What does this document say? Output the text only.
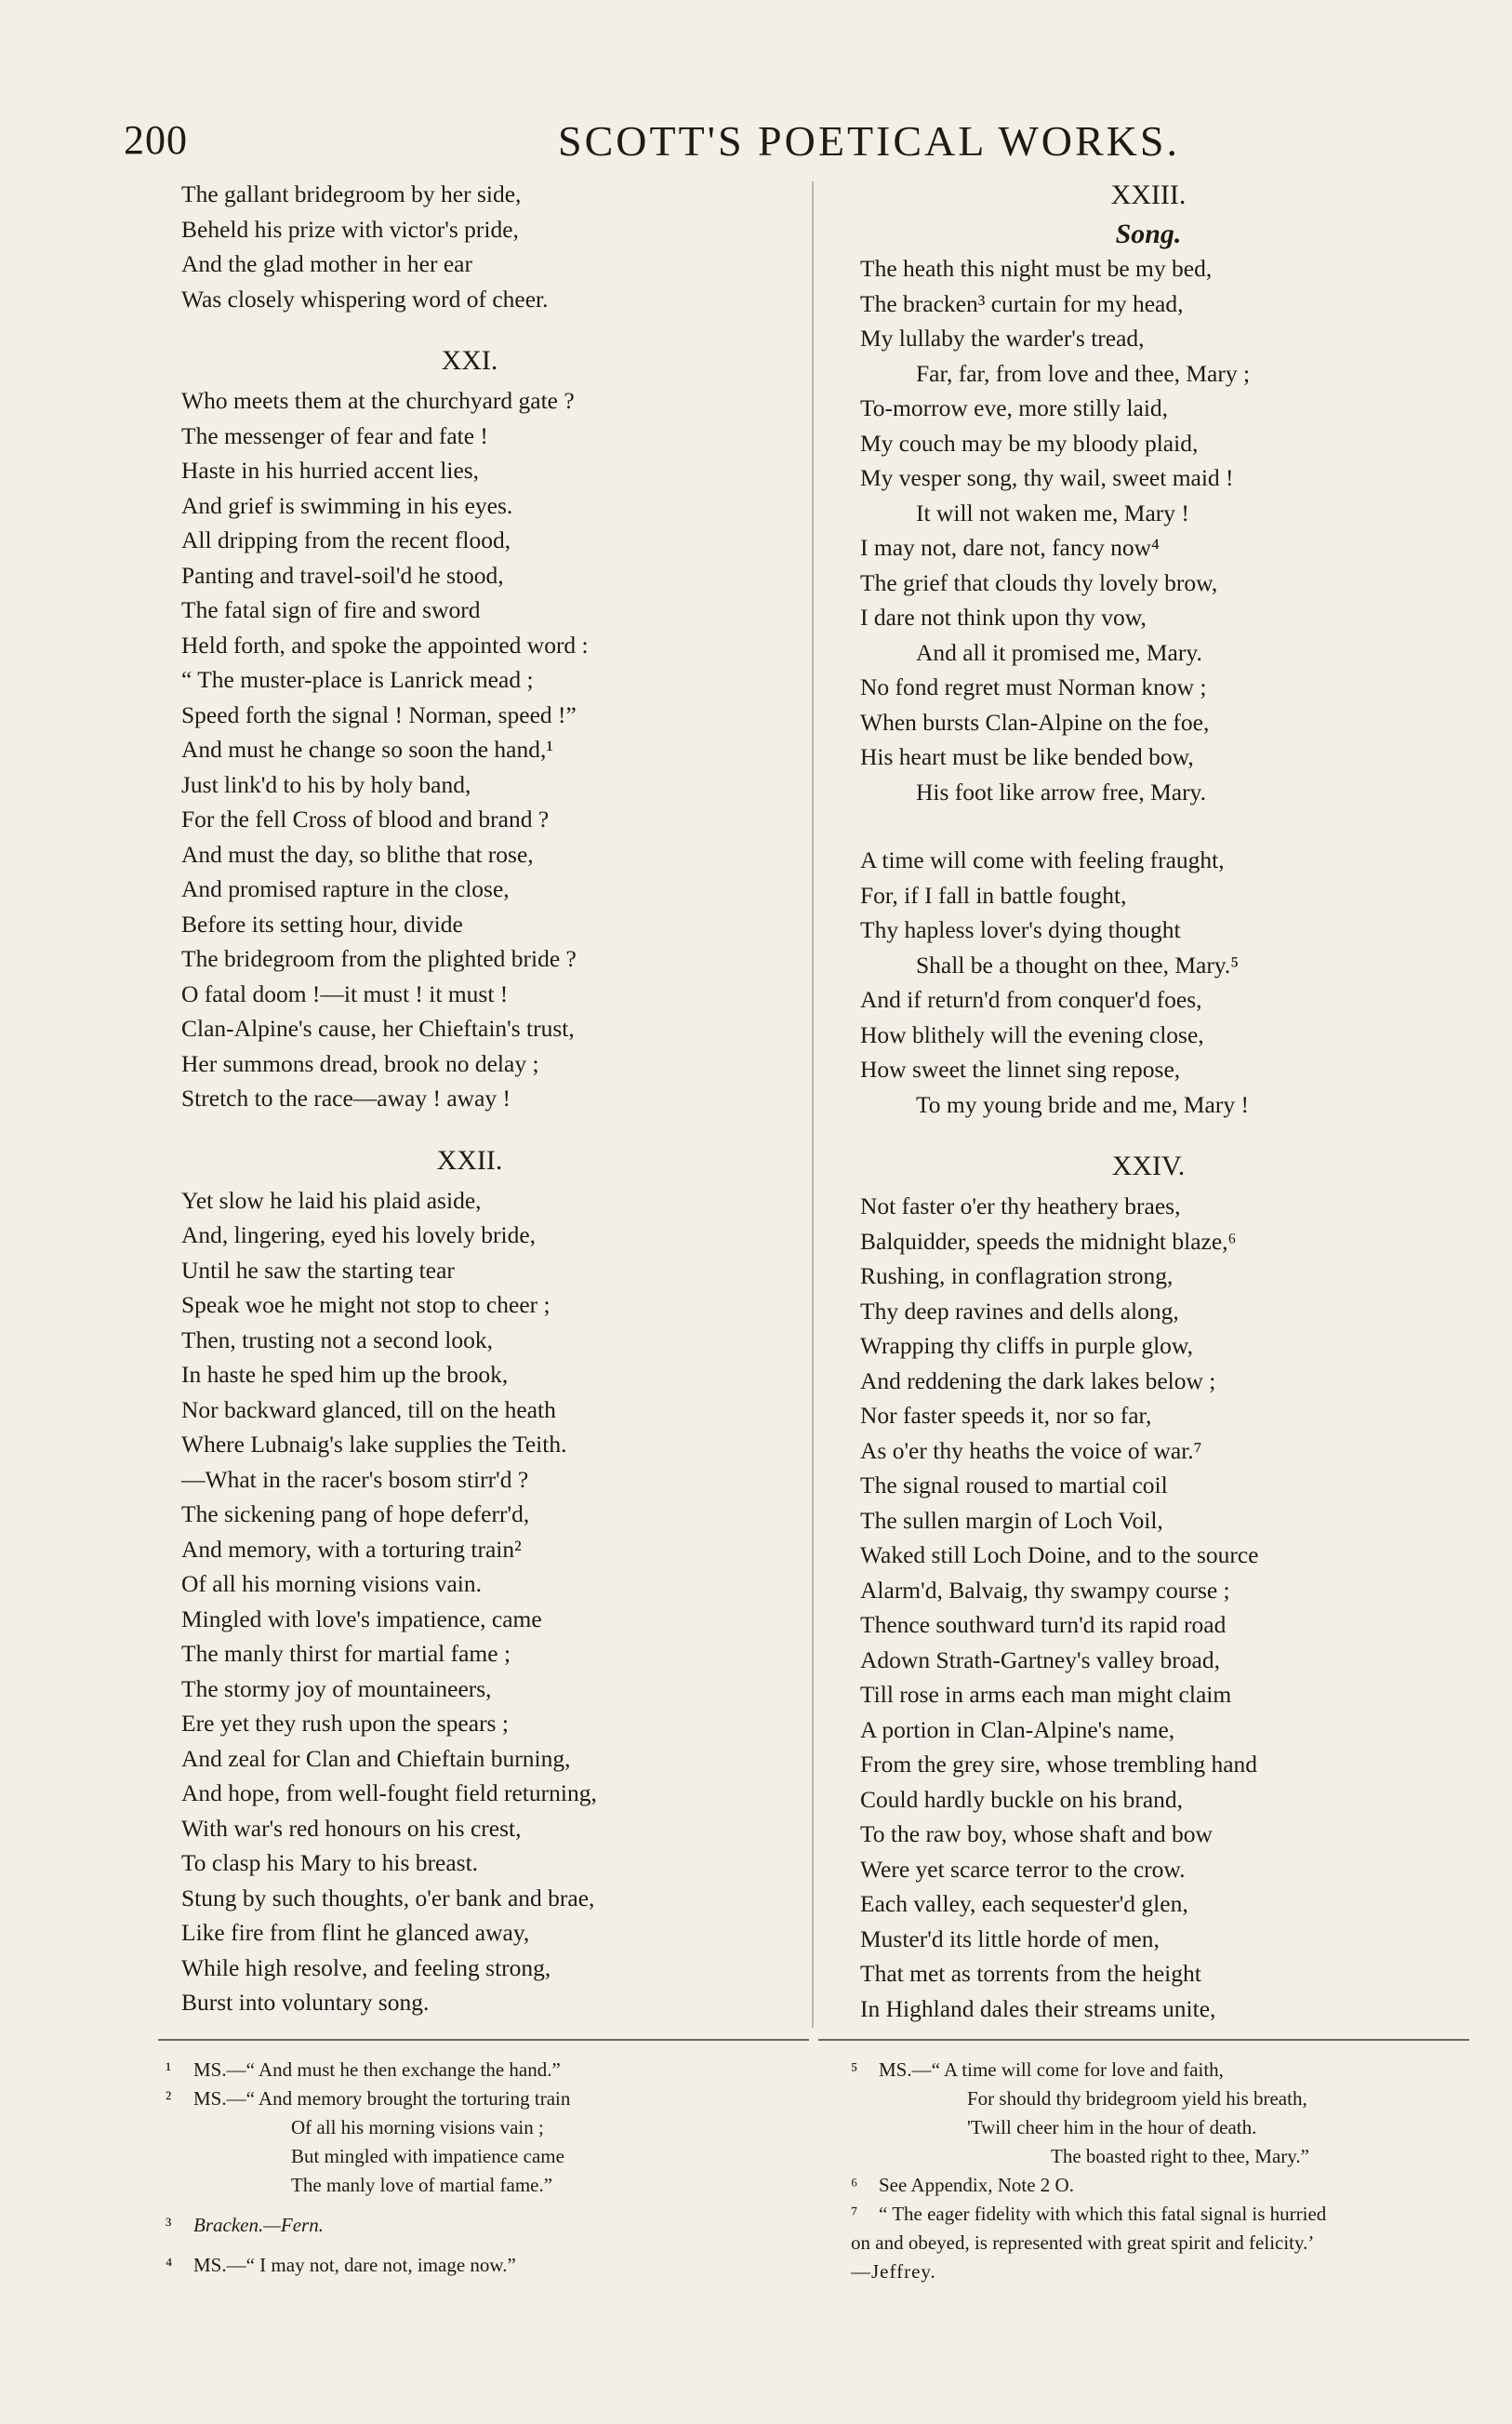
200	SCOTT'S POETICAL WORKS.
The gallant bridegroom by her side,
Beheld his prize with victor's pride,
And the glad mother in her ear
Was closely whispering word of cheer.
XXI.
Who meets them at the churchyard gate ?
The messenger of fear and fate !
Haste in his hurried accent lies,
And grief is swimming in his eyes.
All dripping from the recent flood,
Panting and travel-soil'd he stood,
The fatal sign of fire and sword
Held forth, and spoke the appointed word :
“ The muster-place is Lanrick mead ;
Speed forth the signal ! Norman, speed !”
And must he change so soon the hand,¹
Just link'd to his by holy band,
For the fell Cross of blood and brand ?
And must the day, so blithe that rose,
And promised rapture in the close,
Before its setting hour, divide
The bridegroom from the plighted bride ?
O fatal doom !—it must ! it must !
Clan-Alpine's cause, her Chieftain's trust,
Her summons dread, brook no delay ;
Stretch to the race—away ! away !
XXII.
Yet slow he laid his plaid aside,
And, lingering, eyed his lovely bride,
Until he saw the starting tear
Speak woe he might not stop to cheer ;
Then, trusting not a second look,
In haste he sped him up the brook,
Nor backward glanced, till on the heath
Where Lubnaig's lake supplies the Teith.
—What in the racer's bosom stirr'd ?
The sickening pang of hope deferr'd,
And memory, with a torturing train²
Of all his morning visions vain.
Mingled with love's impatience, came
The manly thirst for martial fame ;
The stormy joy of mountaineers,
Ere yet they rush upon the spears ;
And zeal for Clan and Chieftain burning,
And hope, from well-fought field returning,
With war's red honours on his crest,
To clasp his Mary to his breast.
Stung by such thoughts, o'er bank and brae,
Like fire from flint he glanced away,
While high resolve, and feeling strong,
Burst into voluntary song.
XXIII.
Song.
The heath this night must be my bed,
The bracken³ curtain for my head,
My lullaby the warder's tread,
Far, far, from love and thee, Mary ;
To-morrow eve, more stilly laid,
My couch may be my bloody plaid,
My vesper song, thy wail, sweet maid !
It will not waken me, Mary !
I may not, dare not, fancy now⁴
The grief that clouds thy lovely brow,
I dare not think upon thy vow,
And all it promised me, Mary.
No fond regret must Norman know ;
When bursts Clan-Alpine on the foe,
His heart must be like bended bow,
His foot like arrow free, Mary.
A time will come with feeling fraught,
For, if I fall in battle fought,
Thy hapless lover's dying thought
Shall be a thought on thee, Mary.⁵
And if return'd from conquer'd foes,
How blithely will the evening close,
How sweet the linnet sing repose,
To my young bride and me, Mary !
XXIV.
Not faster o'er thy heathery braes,
Balquidder, speeds the midnight blaze,⁶
Rushing, in conflagration strong,
Thy deep ravines and dells along,
Wrapping thy cliffs in purple glow,
And reddening the dark lakes below ;
Nor faster speeds it, nor so far,
As o'er thy heaths the voice of war.⁷
The signal roused to martial coil
The sullen margin of Loch Voil,
Waked still Loch Doine, and to the source
Alarm'd, Balvaig, thy swampy course ;
Thence southward turn'd its rapid road
Adown Strath-Gartney's valley broad,
Till rose in arms each man might claim
A portion in Clan-Alpine's name,
From the grey sire, whose trembling hand
Could hardly buckle on his brand,
To the raw boy, whose shaft and bow
Were yet scarce terror to the crow.
Each valley, each sequester'd glen,
Muster'd its little horde of men,
That met as torrents from the height
In Highland dales their streams unite,
¹ MS.—“ And must he then exchange the hand.”
² MS.—“ And memory brought the torturing train
Of all his morning visions vain ;
But mingled with impatience came
The manly love of martial fame.”
³ Bracken.—Fern.
⁴ MS.—“ I may not, dare not, image now.”
⁵ MS.—“ A time will come for love and faith,
For should thy bridegroom yield his breath,
'Twill cheer him in the hour of death.
The boasted right to thee, Mary.”
⁶ See Appendix, Note 2 O.
⁷ “ The eager fidelity with which this fatal signal is hurried
on and obeyed, is represented with great spirit and felicity.’
—Jeffrey.
